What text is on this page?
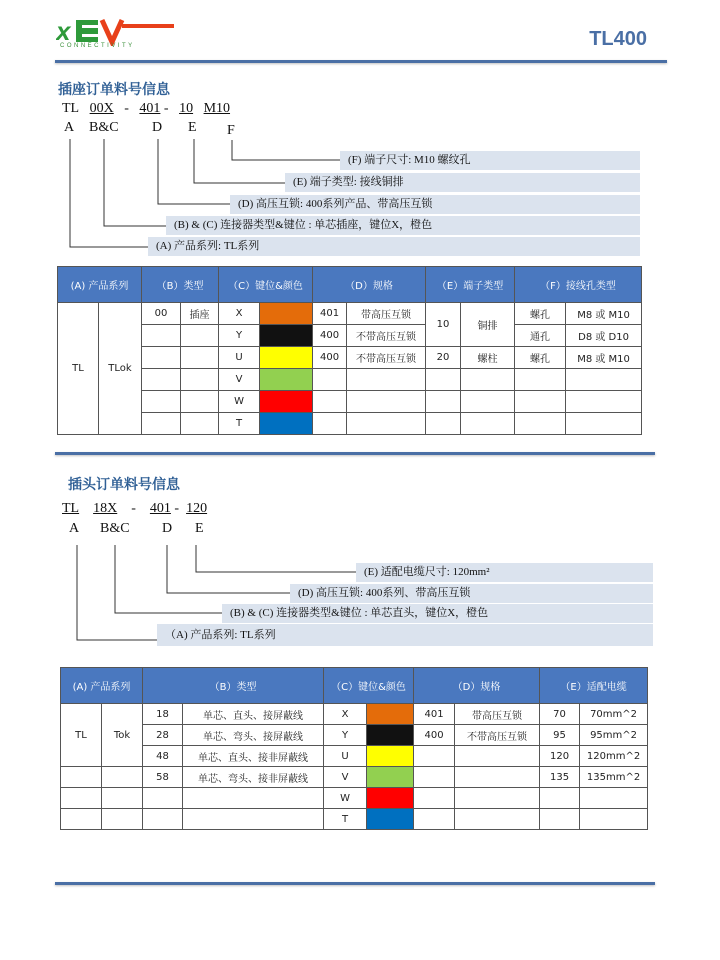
x
CONNECTIVITY	TL400
插座订单料号信息
TL 00X - 401 - 10 M10
A B&C D E F
(F) 端子尺寸: M10 螺纹孔
(E) 端子类型: 接线铜排
(D) 高压互锁: 400系列产品、带高压互锁
(B) & (C) 连接器类型&键位 : 单芯插座，键位X，橙色
(A) 产品系列: TL系列
(A) 产品系列		（B）类型		（C）键位&颜色		（D）规格		（E）端子类型		（F）接线孔类型	
TL	TLok	00	插座	X		401	带高压互锁	10	铜排	螺孔	M8 或 M10
				Y		400	不带高压互锁			通孔	D8 或 D10
				U		400	不带高压互锁	20	螺柱	螺孔	M8 或 M10
				V							
				W							
				T							
插头订单料号信息
TL 18X - 401 - 120
A B&C D E
(E) 适配电缆尺寸: 120mm²
(D) 高压互锁: 400系列、带高压互锁
(B) & (C) 连接器类型&键位 : 单芯直头，键位X，橙色
（A) 产品系列: TL系列
(A) 产品系列		（B）类型		（C）键位&颜色		（D）规格		（E）适配电缆	
TL	Tok	18	单芯、直头、接屏蔽线	X		401	带高压互锁	70	70mm^2
		28	单芯、弯头、接屏蔽线	Y		400	不带高压互锁	95	95mm^2
		48	单芯、直头、接非屏蔽线	U				120	120mm^2
		58	单芯、弯头、接非屏蔽线	V				135	135mm^2
				W					
				T					
